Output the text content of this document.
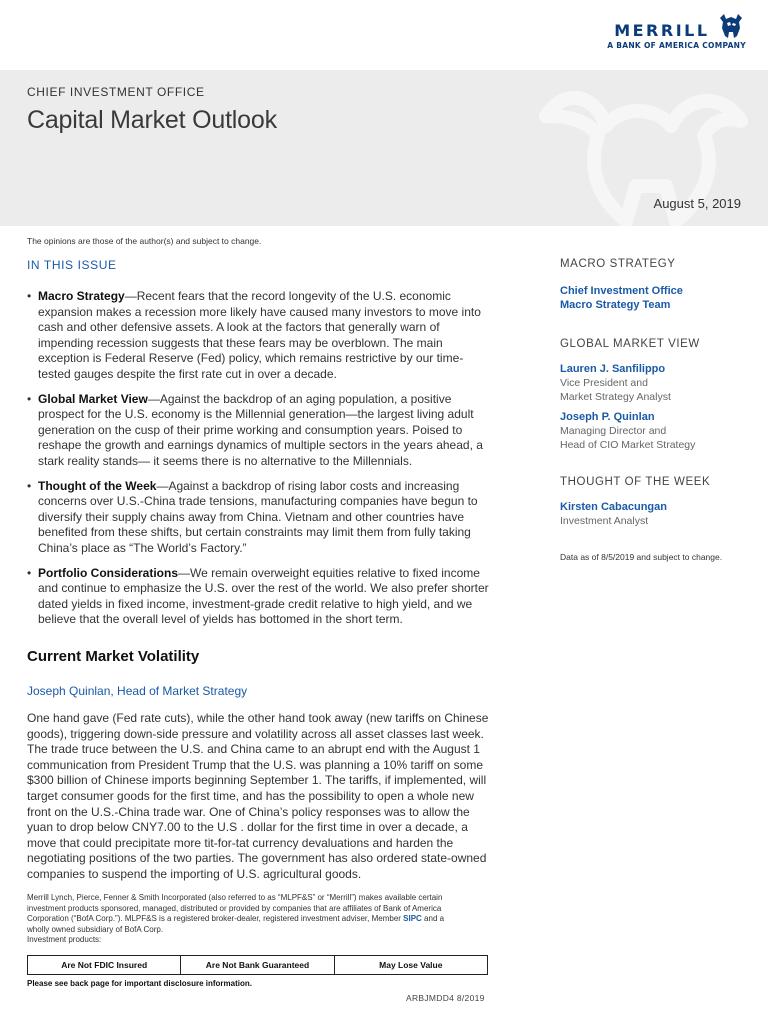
MERRILL
A BANK OF AMERICA COMPANY
CHIEF INVESTMENT OFFICE
Capital Market Outlook
August 5, 2019
The opinions are those of the author(s) and subject to change.
IN THIS ISSUE
• Macro Strategy—Recent fears that the record longevity of the U.S. economic expansion makes a recession more likely have caused many investors to move into cash and other defensive assets. A look at the factors that generally warn of impending recession suggests that these fears may be overblown. The main exception is Federal Reserve (Fed) policy, which remains restrictive by our time-tested gauges despite the first rate cut in over a decade.
• Global Market View—Against the backdrop of an aging population, a positive prospect for the U.S. economy is the Millennial generation—the largest living adult generation on the cusp of their prime working and consumption years. Poised to reshape the growth and earnings dynamics of multiple sectors in the years ahead, a stark reality stands— it seems there is no alternative to the Millennials.
• Thought of the Week—Against a backdrop of rising labor costs and increasing concerns over U.S.-China trade tensions, manufacturing companies have begun to diversify their supply chains away from China. Vietnam and other countries have benefited from these shifts, but certain constraints may limit them from fully taking China’s place as “The World’s Factory.”
• Portfolio Considerations—We remain overweight equities relative to fixed income and continue to emphasize the U.S. over the rest of the world. We also prefer shorter dated yields in fixed income, investment-grade credit relative to high yield, and we believe that the overall level of yields has bottomed in the short term.
Current Market Volatility
Joseph Quinlan, Head of Market Strategy

One hand gave (Fed rate cuts), while the other hand took away (new tariffs on Chinese goods), triggering down-side pressure and volatility across all asset classes last week. The trade truce between the U.S. and China came to an abrupt end with the August 1 communication from President Trump that the U.S. was planning a 10% tariff on some $300 billion of Chinese imports beginning September 1. The tariffs, if implemented, will target consumer goods for the first time, and has the possibility to open a whole new front on the U.S.-China trade war. One of China’s policy responses was to allow the yuan to drop below CNY7.00 to the U.S . dollar for the first time in over a decade, a move that could precipitate more tit-for-tat currency devaluations and harden the negotiating positions of the two parties. The government has also ordered state-owned companies to suspend the importing of U.S. agricultural goods.

Merrill Lynch, Pierce, Fenner & Smith Incorporated (also referred to as “MLPF&S” or “Merrill”) makes available certain investment products sponsored, managed, distributed or provided by companies that are affiliates of Bank of America Corporation (“BofA Corp.”). MLPF&S is a registered broker-dealer, registered investment adviser, Member SIPC and a wholly owned subsidiary of BofA Corp.
Investment products:
Are Not FDIC Insured	Are Not Bank Guaranteed	May Lose Value
Please see back page for important disclosure information.
ARBJMDD4 8/2019
MACRO STRATEGY
Chief Investment Office
Macro Strategy Team
GLOBAL MARKET VIEW
Lauren J. Sanfilippo
Vice President and
Market Strategy Analyst
Joseph P. Quinlan
Managing Director and
Head of CIO Market Strategy
THOUGHT OF THE WEEK
Kirsten Cabacungan
Investment Analyst
Data as of 8/5/2019 and subject to change.
